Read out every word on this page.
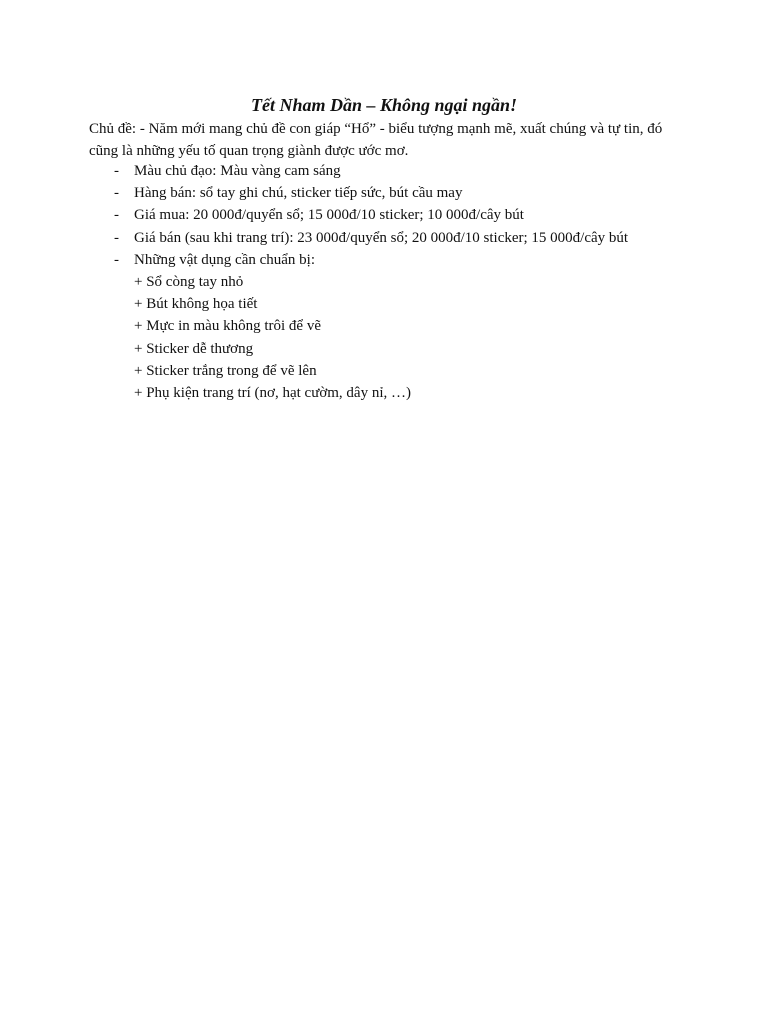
Tết Nham Dần – Không ngại ngần!

Chủ đề: - Năm mới mang chủ đề con giáp “Hổ” - biểu tượng mạnh mẽ, xuất chúng và tự tin, đó cũng là những yếu tố quan trọng giành được ước mơ.

- Màu chủ đạo: Màu vàng cam sáng
- Hàng bán: sổ tay ghi chú, sticker tiếp sức, bút cầu may
- Giá mua: 20 000đ/quyển sổ; 15 000đ/10 sticker; 10 000đ/cây bút
- Giá bán (sau khi trang trí): 23 000đ/quyển sổ; 20 000đ/10 sticker; 15 000đ/cây bút
- Những vật dụng cần chuẩn bị:
+ Sổ còng tay nhỏ
+ Bút không họa tiết
+ Mực in màu không trôi để vẽ
+ Sticker dễ thương
+ Sticker trắng trong để vẽ lên
+ Phụ kiện trang trí (nơ, hạt cườm, dây nỉ, …)
